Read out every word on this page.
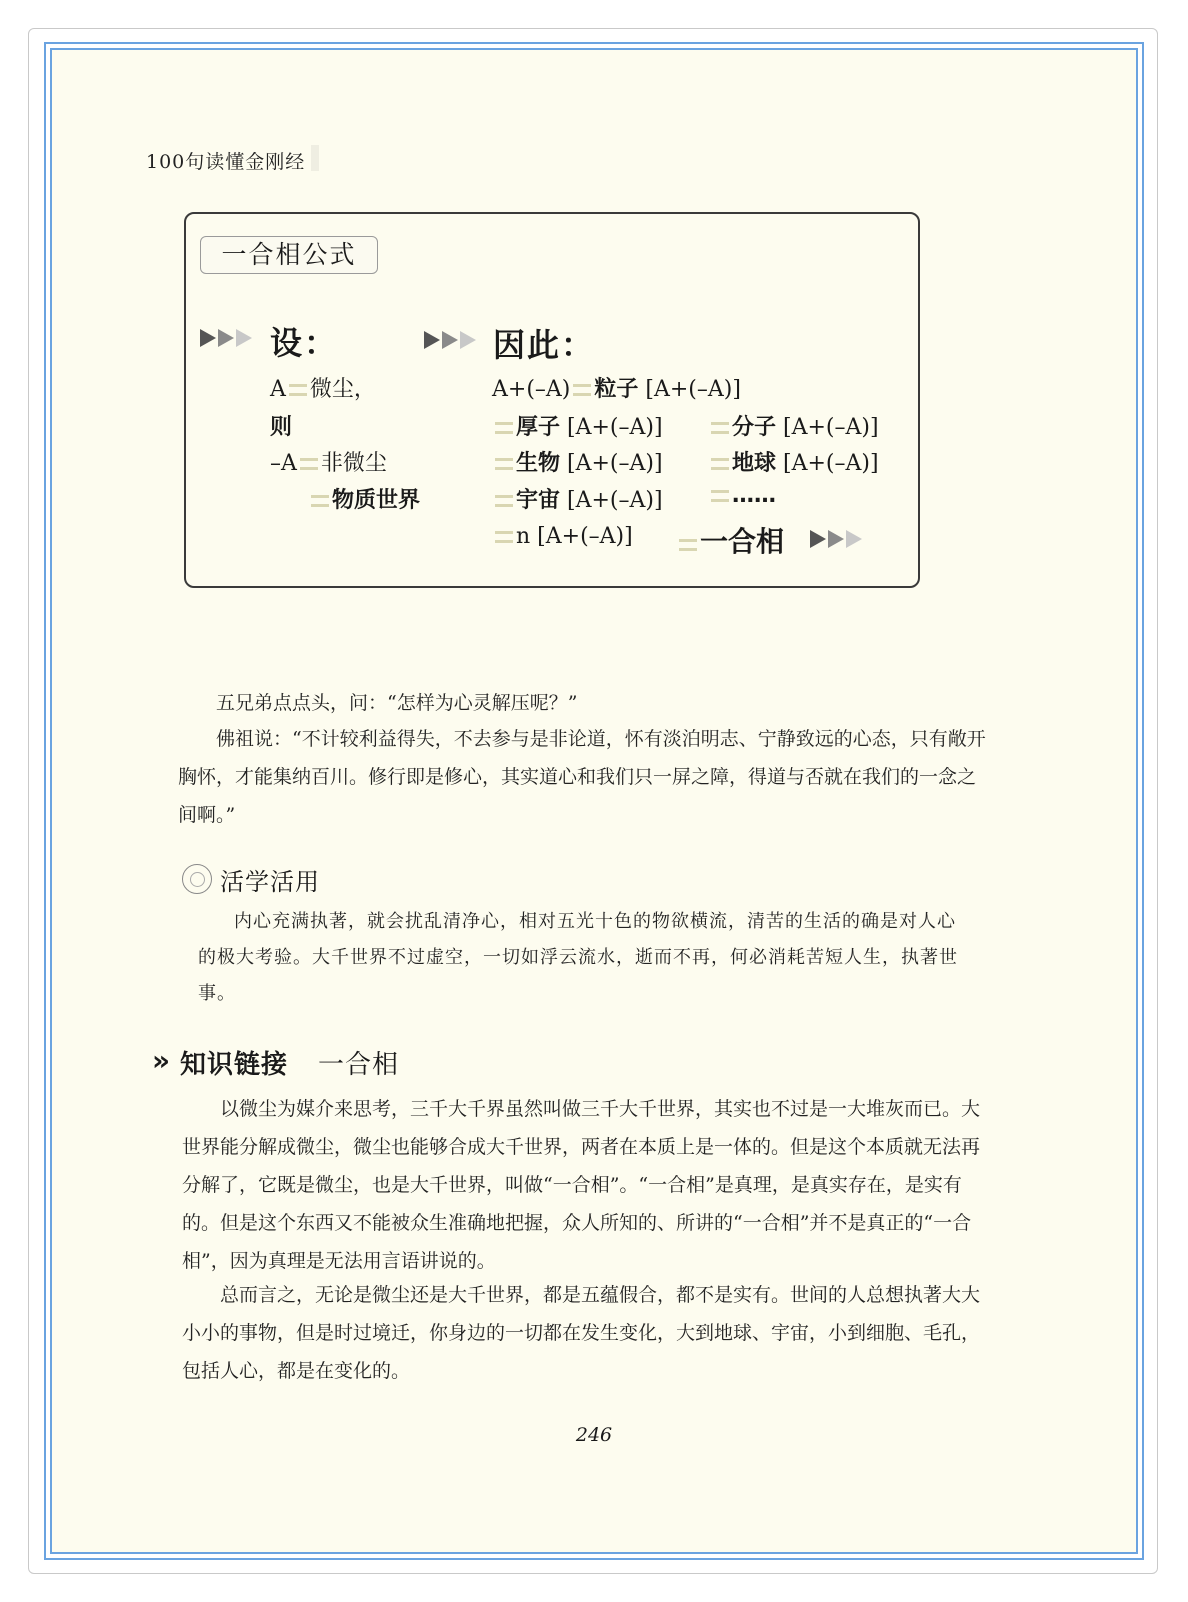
100句读懂金刚经
一合相公式
设：	因此：
A 微尘，
则
–A 非微尘
物质世界
A+(–A) 粒子 [A+(–A)]
厚子 [A+(–A)]	分子 [A+(–A)]
生物 [A+(–A)]	地球 [A+(–A)]
宇宙 [A+(–A)]	……
n [A+(–A)]	一合相

五兄弟点点头，问：“怎样为心灵解压呢？”

佛祖说：“不计较利益得失，不去参与是非论道，怀有淡泊明志、宁静致远的心态，只有敞开胸怀，才能集纳百川。修行即是修心，其实道心和我们只一屏之障，得道与否就在我们的一念之间啊。”

活学活用

内心充满执著，就会扰乱清净心，相对五光十色的物欲横流，清苦的生活的确是对人心的极大考验。大千世界不过虚空，一切如浮云流水，逝而不再，何必消耗苦短人生，执著世事。

» 知识链接 一合相

以微尘为媒介来思考，三千大千界虽然叫做三千大千世界，其实也不过是一大堆灰而已。大世界能分解成微尘，微尘也能够合成大千世界，两者在本质上是一体的。但是这个本质就无法再分解了，它既是微尘，也是大千世界，叫做“一合相”。“一合相”是真理，是真实存在，是实有的。但是这个东西又不能被众生准确地把握，众人所知的、所讲的“一合相”并不是真正的“一合相”，因为真理是无法用言语讲说的。

总而言之，无论是微尘还是大千世界，都是五蕴假合，都不是实有。世间的人总想执著大大小小的事物，但是时过境迁，你身边的一切都在发生变化，大到地球、宇宙，小到细胞、毛孔，包括人心，都是在变化的。

246
